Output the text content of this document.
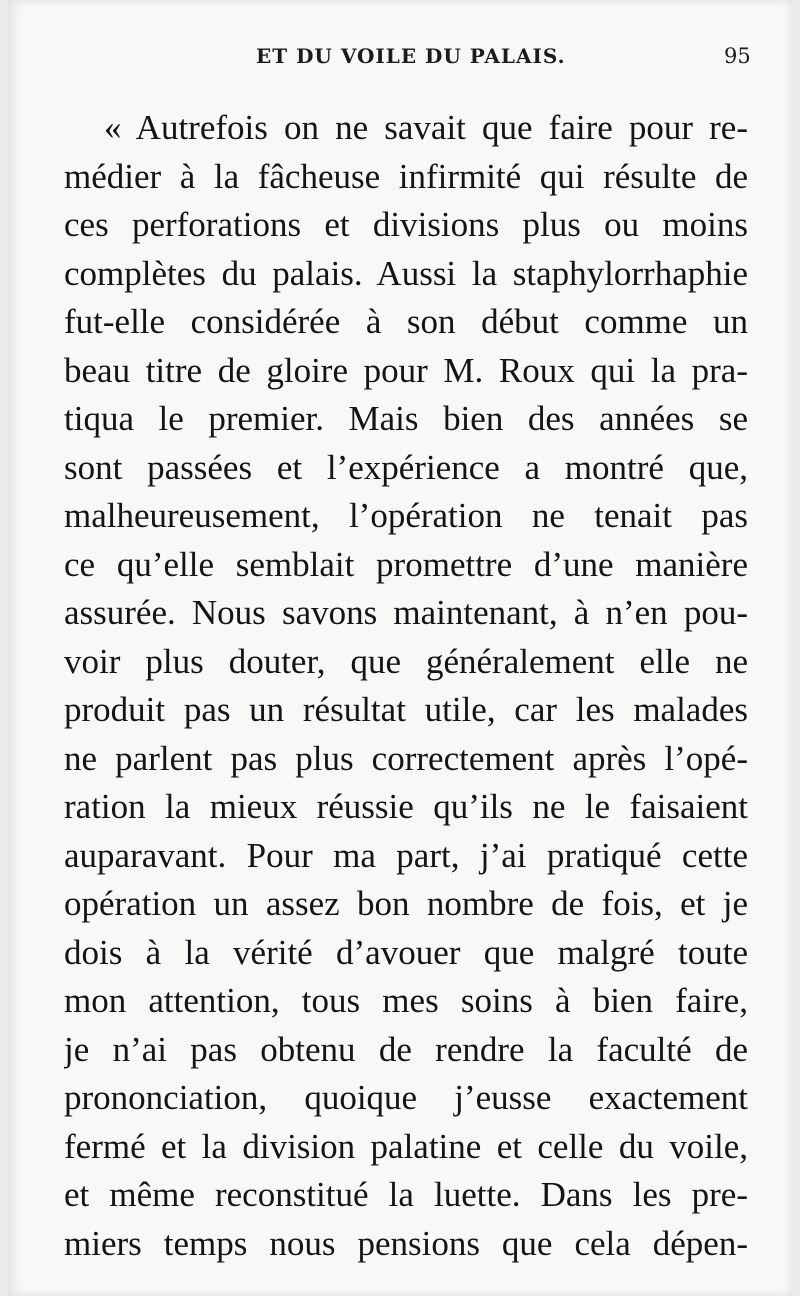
ET DU VOILE DU PALAIS.	95
« Autrefois on ne savait que faire pour re-
médier à la fâcheuse infirmité qui résulte de
ces perforations et divisions plus ou moins
complètes du palais. Aussi la staphylorrhaphie
fut-elle considérée à son début comme un
beau titre de gloire pour M. Roux qui la pra-
tiqua le premier. Mais bien des années se
sont passées et l’expérience a montré que,
malheureusement, l’opération ne tenait pas
ce qu’elle semblait promettre d’une manière
assurée. Nous savons maintenant, à n’en pou-
voir plus douter, que généralement elle ne
produit pas un résultat utile, car les malades
ne parlent pas plus correctement après l’opé-
ration la mieux réussie qu’ils ne le faisaient
auparavant. Pour ma part, j’ai pratiqué cette
opération un assez bon nombre de fois, et je
dois à la vérité d’avouer que malgré toute
mon attention, tous mes soins à bien faire,
je n’ai pas obtenu de rendre la faculté de
prononciation, quoique j’eusse exactement
fermé et la division palatine et celle du voile,
et même reconstitué la luette. Dans les pre-
miers temps nous pensions que cela dépen-
